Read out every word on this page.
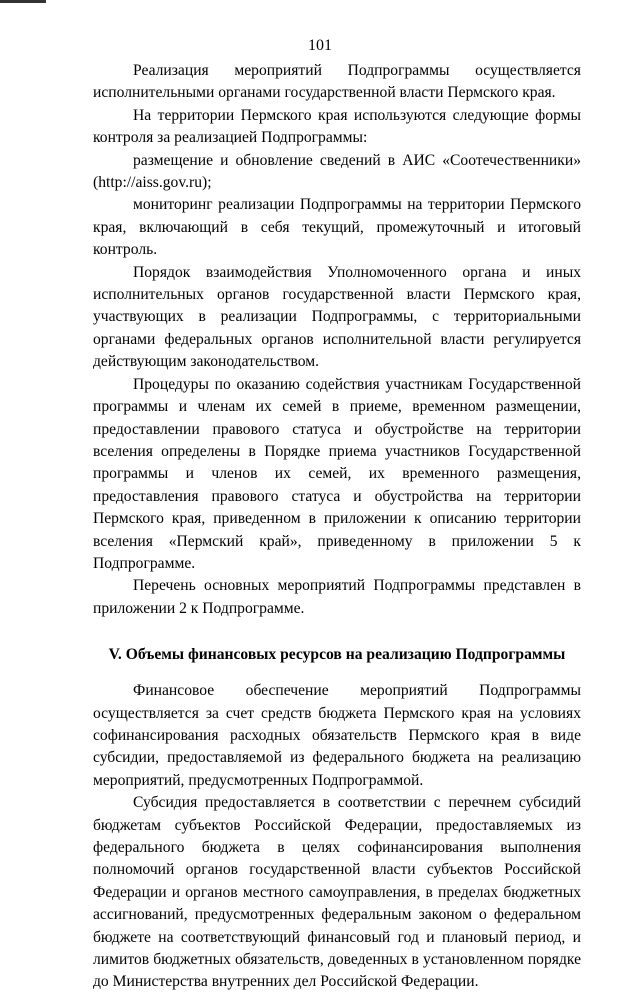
101

Реализация мероприятий Подпрограммы осуществляется исполнительными органами государственной власти Пермского края.

На территории Пермского края используются следующие формы контроля за реализацией Подпрограммы:

размещение и обновление сведений в АИС «Соотечественники» (http://aiss.gov.ru);

мониторинг реализации Подпрограммы на территории Пермского края, включающий в себя текущий, промежуточный и итоговый контроль.

Порядок взаимодействия Уполномоченного органа и иных исполнительных органов государственной власти Пермского края, участвующих в реализации Подпрограммы, с территориальными органами федеральных органов исполнительной власти регулируется действующим законодательством.

Процедуры по оказанию содействия участникам Государственной программы и членам их семей в приеме, временном размещении, предоставлении правового статуса и обустройстве на территории вселения определены в Порядке приема участников Государственной программы и членов их семей, их временного размещения, предоставления правового статуса и обустройства на территории Пермского края, приведенном в приложении к описанию территории вселения «Пермский край», приведенному в приложении 5 к Подпрограмме.

Перечень основных мероприятий Подпрограммы представлен в приложении 2 к Подпрограмме.

V. Объемы финансовых ресурсов на реализацию Подпрограммы

Финансовое обеспечение мероприятий Подпрограммы осуществляется за счет средств бюджета Пермского края на условиях софинансирования расходных обязательств Пермского края в виде субсидии, предоставляемой из федерального бюджета на реализацию мероприятий, предусмотренных Подпрограммой.

Субсидия предоставляется в соответствии с перечнем субсидий бюджетам субъектов Российской Федерации, предоставляемых из федерального бюджета в целях софинансирования выполнения полномочий органов государственной власти субъектов Российской Федерации и органов местного самоуправления, в пределах бюджетных ассигнований, предусмотренных федеральным законом о федеральном бюджете на соответствующий финансовый год и плановый период, и лимитов бюджетных обязательств, доведенных в установленном порядке до Министерства внутренних дел Российской Федерации.
